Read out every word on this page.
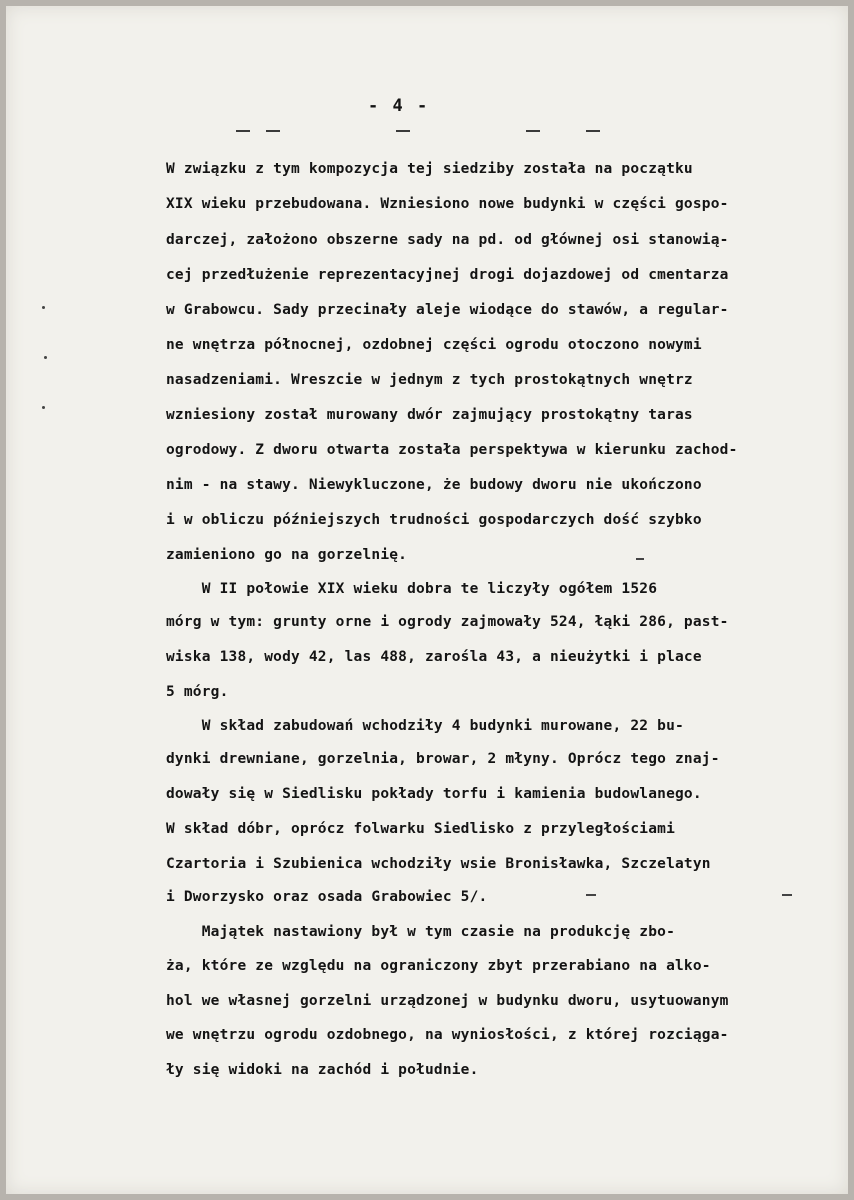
- 4 -

W związku z tym kompozycja tej siedziby została na początku

XIX wieku przebudowana. Wzniesiono nowe budynki w części gospo-

darczej, założono obszerne sady na pd. od głównej osi stanowią-

cej przedłużenie reprezentacyjnej drogi dojazdowej od cmentarza

w Grabowcu. Sady przecinały aleje wiodące do stawów, a regular-

ne wnętrza północnej, ozdobnej części ogrodu otoczono nowymi

nasadzeniami. Wreszcie w jednym z tych prostokątnych wnętrz

wzniesiony został murowany dwór zajmujący prostokątny taras

ogrodowy. Z dworu otwarta została perspektywa w kierunku zachod-

nim - na stawy. Niewykluczone, że budowy dworu nie ukończono

i w obliczu późniejszych trudności gospodarczych dość szybko

zamieniono go na gorzelnię.

W II połowie XIX wieku dobra te liczyły ogółem 1526

mórg w tym: grunty orne i ogrody zajmowały 524, łąki 286, past-

wiska 138, wody 42, las 488, zarośla 43, a nieużytki i place

5 mórg.

W skład zabudowań wchodziły 4 budynki murowane, 22 bu-

dynki drewniane, gorzelnia, browar, 2 młyny. Oprócz tego znaj-

dowały się w Siedlisku pokłady torfu i kamienia budowlanego.

W skład dóbr, oprócz folwarku Siedlisko z przyległościami

Czartoria i Szubienica wchodziły wsie Bronisławka, Szczelatyn

i Dworzysko oraz osada Grabowiec 5/.

Majątek nastawiony był w tym czasie na produkcję zbo-

ża, które ze względu na ograniczony zbyt przerabiano na alko-

hol we własnej gorzelni urządzonej w budynku dworu, usytuowanym

we wnętrzu ogrodu ozdobnego, na wyniosłości, z której rozciąga-

ły się widoki na zachód i południe.
